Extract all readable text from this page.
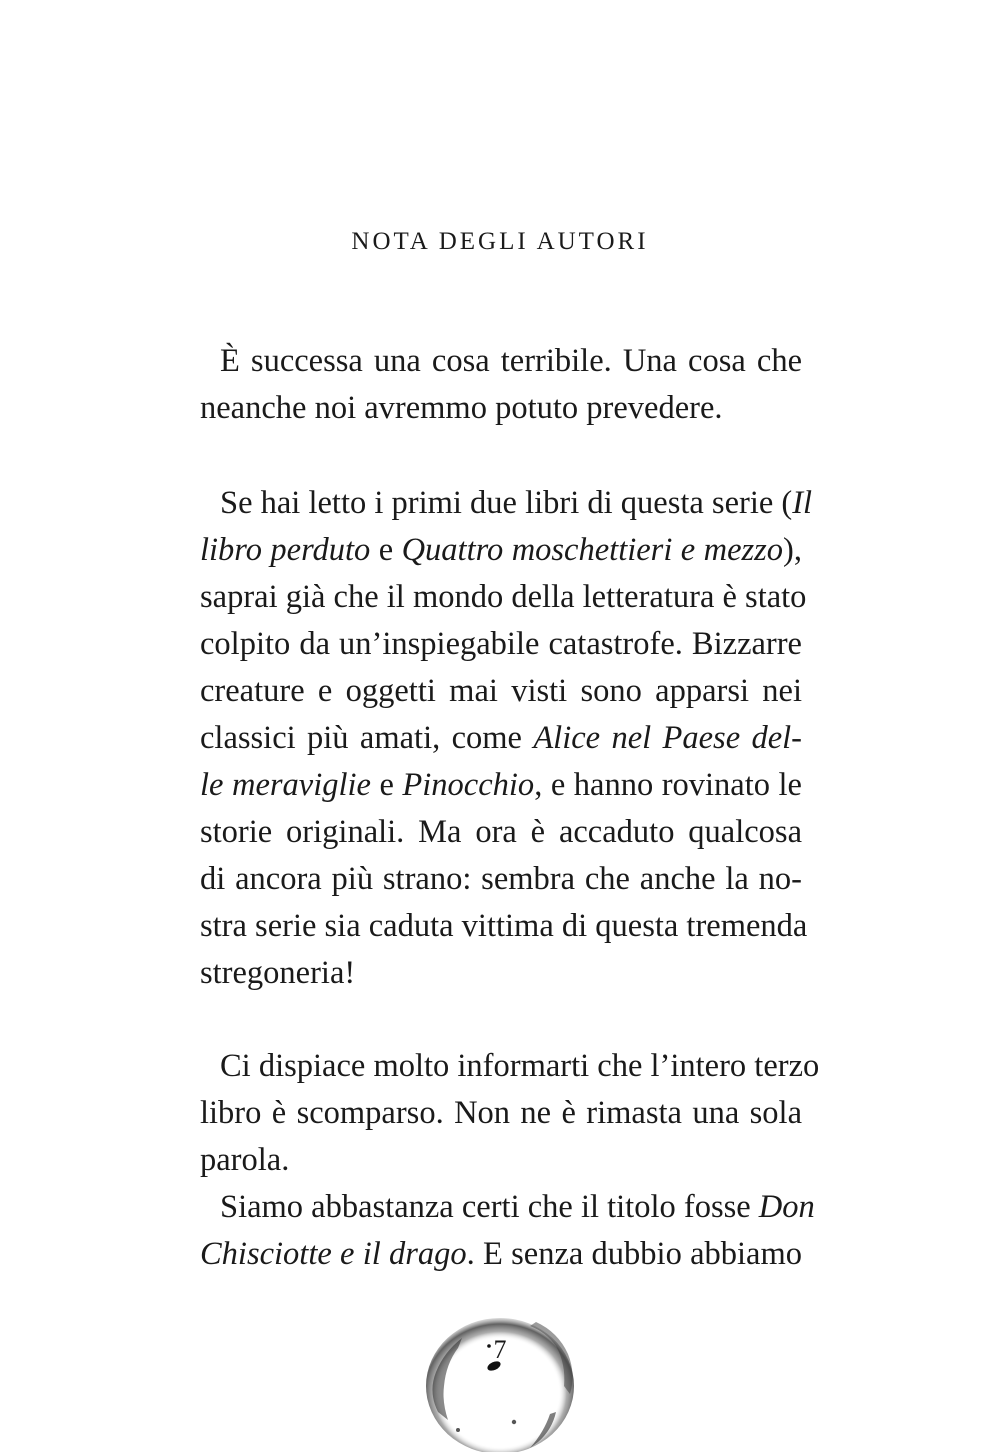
NOTA DEGLI AUTORI
È successa una cosa terribile. Una cosa che
neanche noi avremmo potuto prevedere.
Se hai letto i primi due libri di questa serie (Il
libro perduto e Quattro moschettieri e mezzo),
saprai già che il mondo della letteratura è stato
colpito da un’inspiegabile catastrofe. Bizzarre
creature e oggetti mai visti sono apparsi nei
classici più amati, come Alice nel Paese del-
le meraviglie e Pinocchio, e hanno rovinato le
storie originali. Ma ora è accaduto qualcosa
di ancora più strano: sembra che anche la no-
stra serie sia caduta vittima di questa tremenda
stregoneria!
Ci dispiace molto informarti che l’intero terzo
libro è scomparso. Non ne è rimasta una sola
parola.
Siamo abbastanza certi che il titolo fosse Don
Chisciotte e il drago. E senza dubbio abbiamo
7
